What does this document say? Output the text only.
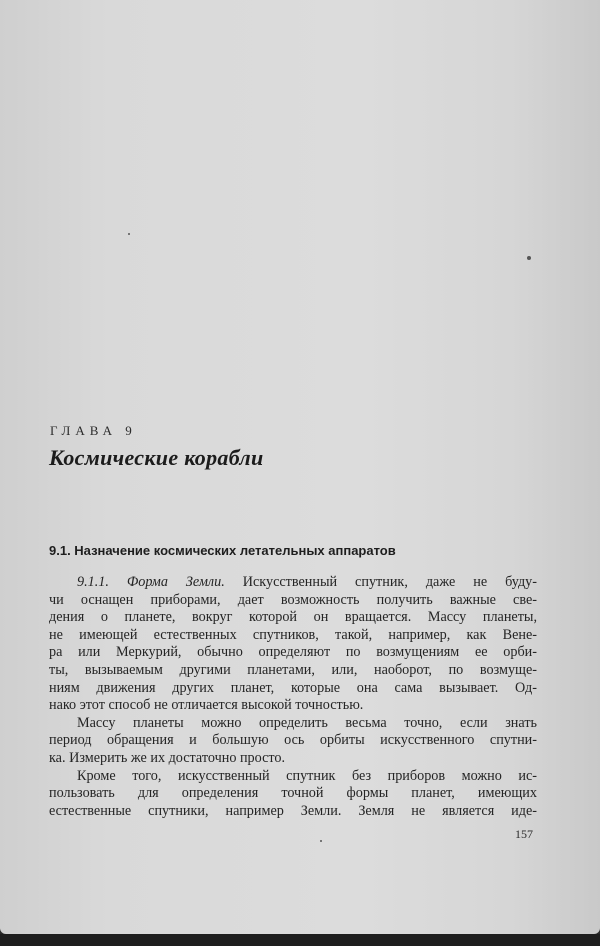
ГЛАВА 9
Космические корабли
9.1. Назначение космических летательных аппаратов
9.1.1. Форма Земли. Искусственный спутник, даже не буду-
чи оснащен приборами, дает возможность получить важные све-
дения о планете, вокруг которой он вращается. Массу планеты,
не имеющей естественных спутников, такой, например, как Вене-
ра или Меркурий, обычно определяют по возмущениям ее орби-
ты, вызываемым другими планетами, или, наоборот, по возмуще-
ниям движения других планет, которые она сама вызывает. Од-
нако этот способ не отличается высокой точностью.
Массу планеты можно определить весьма точно, если знать
период обращения и большую ось орбиты искусственного спутни-
ка. Измерить же их достаточно просто.
Кроме того, искусственный спутник без приборов можно ис-
пользовать для определения точной формы планет, имеющих
естественные спутники, например Земли. Земля не является иде-
157
